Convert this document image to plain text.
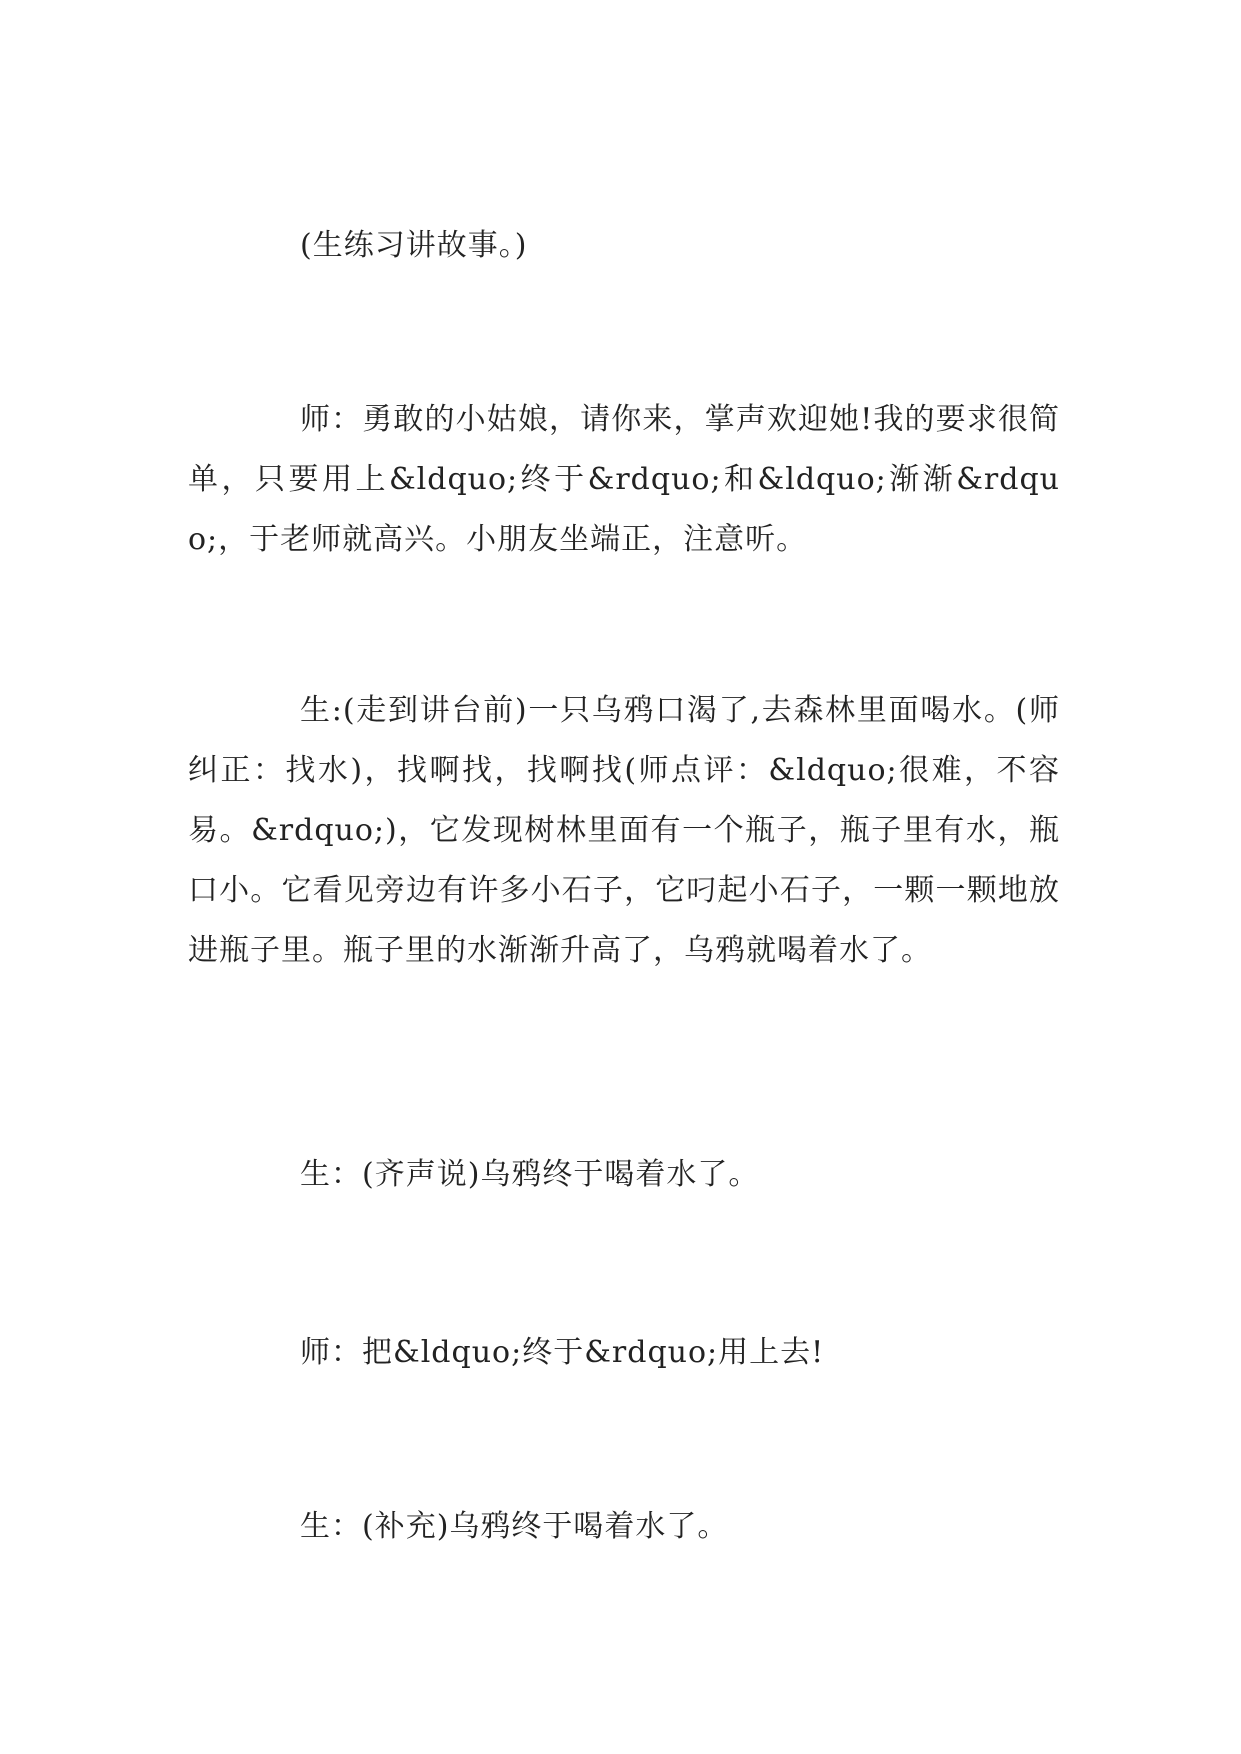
(生练习讲故事。)

师：勇敢的小姑娘，请你来，掌声欢迎她!我的要求很简单，只要用上&ldquo;终于&rdquo;和&ldquo;渐渐&rdquo;，于老师就高兴。小朋友坐端正，注意听。

生:(走到讲台前)一只乌鸦口渴了,去森林里面喝水。(师纠正：找水)，找啊找，找啊找(师点评：&ldquo;很难，不容易。&rdquo;)，它发现树林里面有一个瓶子，瓶子里有水，瓶口小。它看见旁边有许多小石子，它叼起小石子，一颗一颗地放进瓶子里。瓶子里的水渐渐升高了，乌鸦就喝着水了。

生：(齐声说)乌鸦终于喝着水了。

师：把&ldquo;终于&rdquo;用上去!

生：(补充)乌鸦终于喝着水了。
